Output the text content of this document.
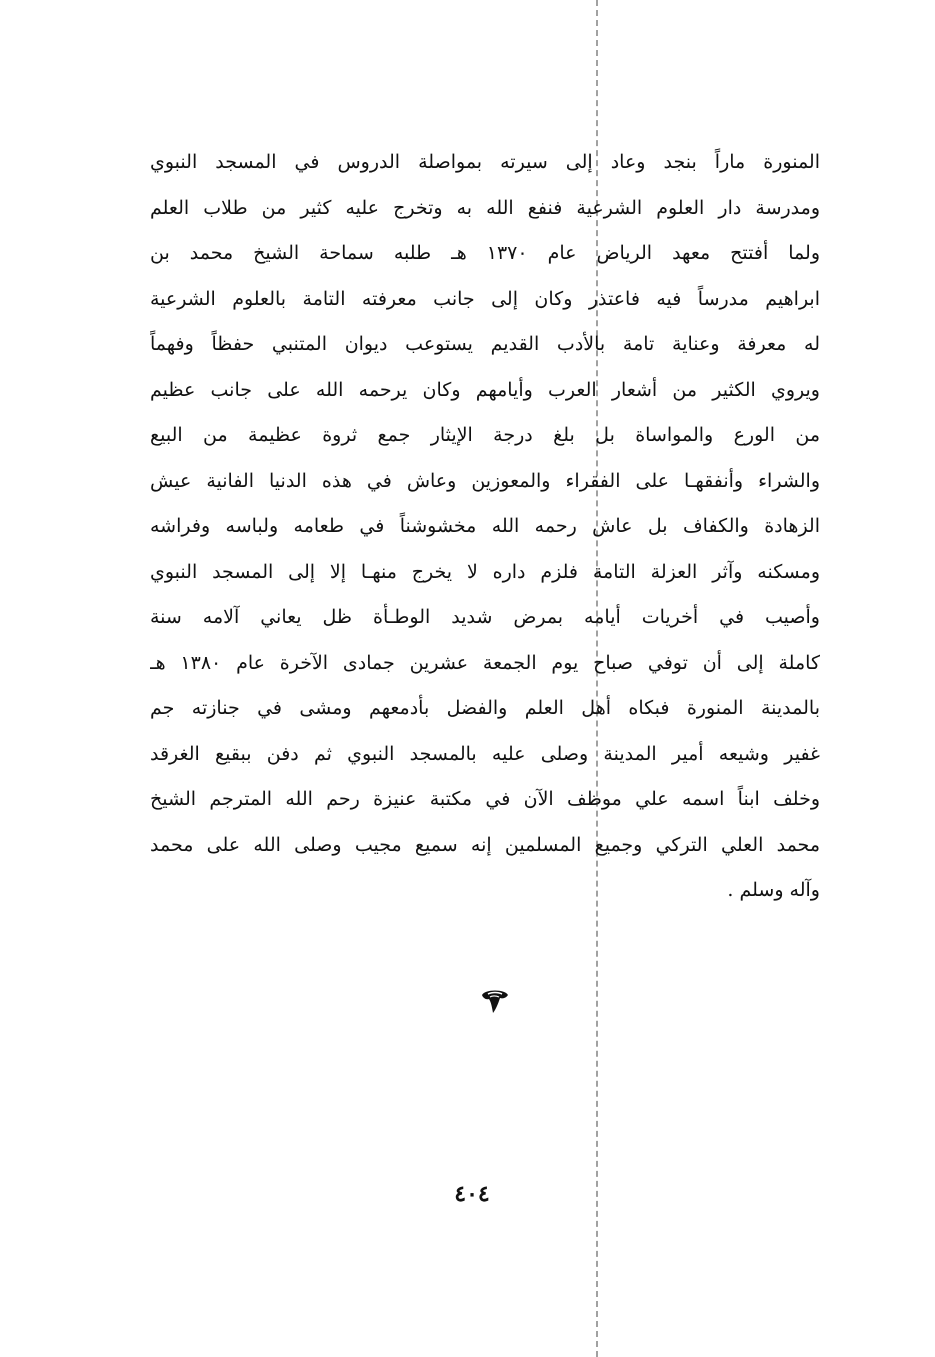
المنورة ماراً بنجد وعاد إلى سيرته بمواصلة الدروس في المسجد النبوي
ومدرسة دار العلوم الشرعية فنفع الله به وتخرج عليه كثير من طلاب العلم
ولما أفتتح معهد الرياض عام ١٣٧٠ هـ طلبه سماحة الشيخ محمد بن
ابراهيم مدرساً فيه فاعتذر وكان إلى جانب معرفته التامة بالعلوم الشرعية
له معرفة وعناية تامة بالأدب القديم يستوعب ديوان المتنبي حفظاً وفهماً
ويروي الكثير من أشعار العرب وأيامهم وكان يرحمه الله على جانب عظيم
من الورع والمواساة بل بلغ درجة الإيثار جمع ثروة عظيمة من البيع
والشراء وأنفقهـا على الفقراء والمعوزين وعاش في هذه الدنيا الفانية عيش
الزهادة والكفاف بل عاش رحمه الله مخشوشناً في طعامه ولباسه وفراشه
ومسكنه وآثر العزلة التامة فلزم داره لا يخرج منهـا إلا إلى المسجد النبوي
وأصيب في أخريات أيامه بمرض شديد الوطـأة ظل يعاني آلامه سنة
كاملة إلى أن توفي صباح يوم الجمعة عشرين جمادى الآخرة عام ١٣٨٠ هـ
بالمدينة المنورة فبكاه أهل العلم والفضل بأدمعهم ومشى في جنازته جم
غفير وشيعه أمير المدينة وصلى عليه بالمسجد النبوي ثم دفن ببقيع الغرقد
وخلف ابناً اسمه علي موظف الآن في مكتبة عنيزة رحم الله المترجم الشيخ
محمد العلي التركي وجميع المسلمين إنه سميع مجيب وصلى الله على محمد
وآله وسلم .
٤٠٤
